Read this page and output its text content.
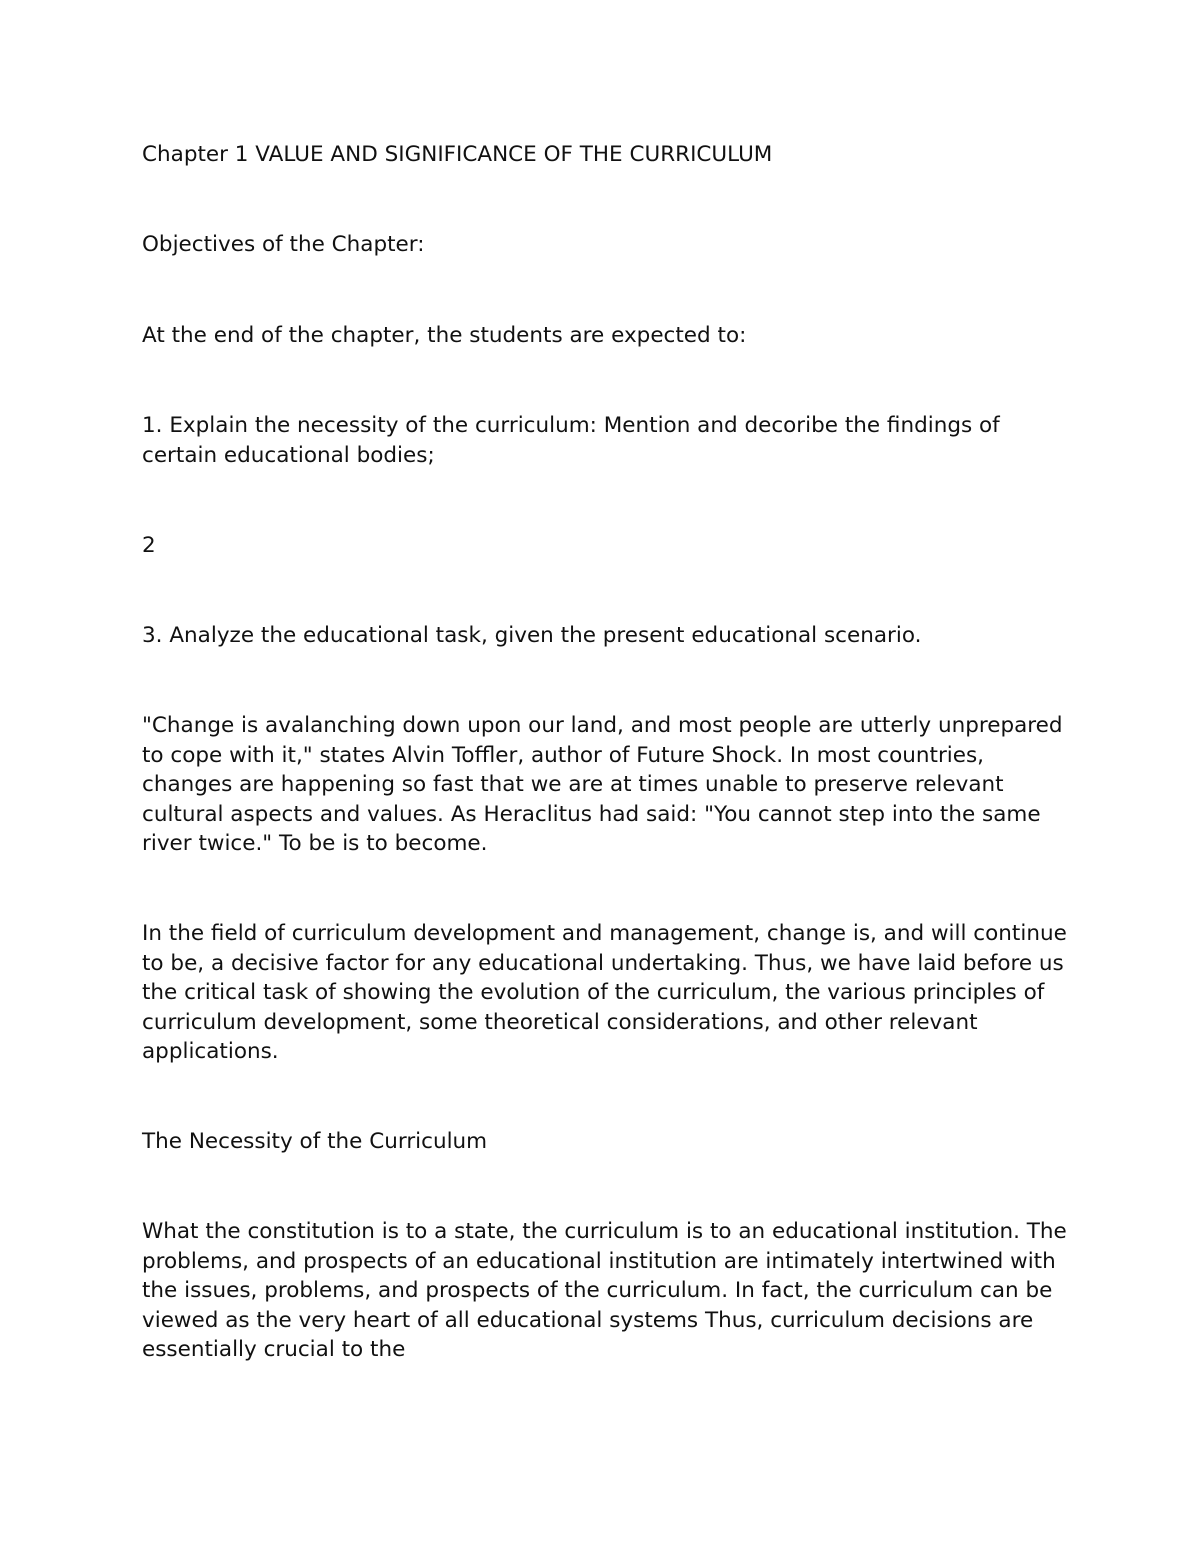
Chapter 1 VALUE AND SIGNIFICANCE OF THE CURRICULUM

Objectives of the Chapter:

At the end of the chapter, the students are expected to:

1. Explain the necessity of the curriculum: Mention and decoribe the findings of certain educational bodies;

2

3. Analyze the educational task, given the present educational scenario.

"Change is avalanching down upon our land, and most people are utterly unprepared to cope with it," states Alvin Toffler, author of Future Shock. In most countries, changes are happening so fast that we are at times unable to preserve relevant cultural aspects and values. As Heraclitus had said: "You cannot step into the same river twice." To be is to become.

In the field of curriculum development and management, change is, and will continue to be, a decisive factor for any educational undertaking. Thus, we have laid before us the critical task of showing the evolution of the curriculum, the various principles of curriculum development, some theoretical considerations, and other relevant applications.

The Necessity of the Curriculum

What the constitution is to a state, the curriculum is to an educational institution. The problems, and prospects of an educational institution are intimately intertwined with the issues, problems, and prospects of the curriculum. In fact, the curriculum can be viewed as the very heart of all educational systems Thus, curriculum decisions are essentially crucial to the
